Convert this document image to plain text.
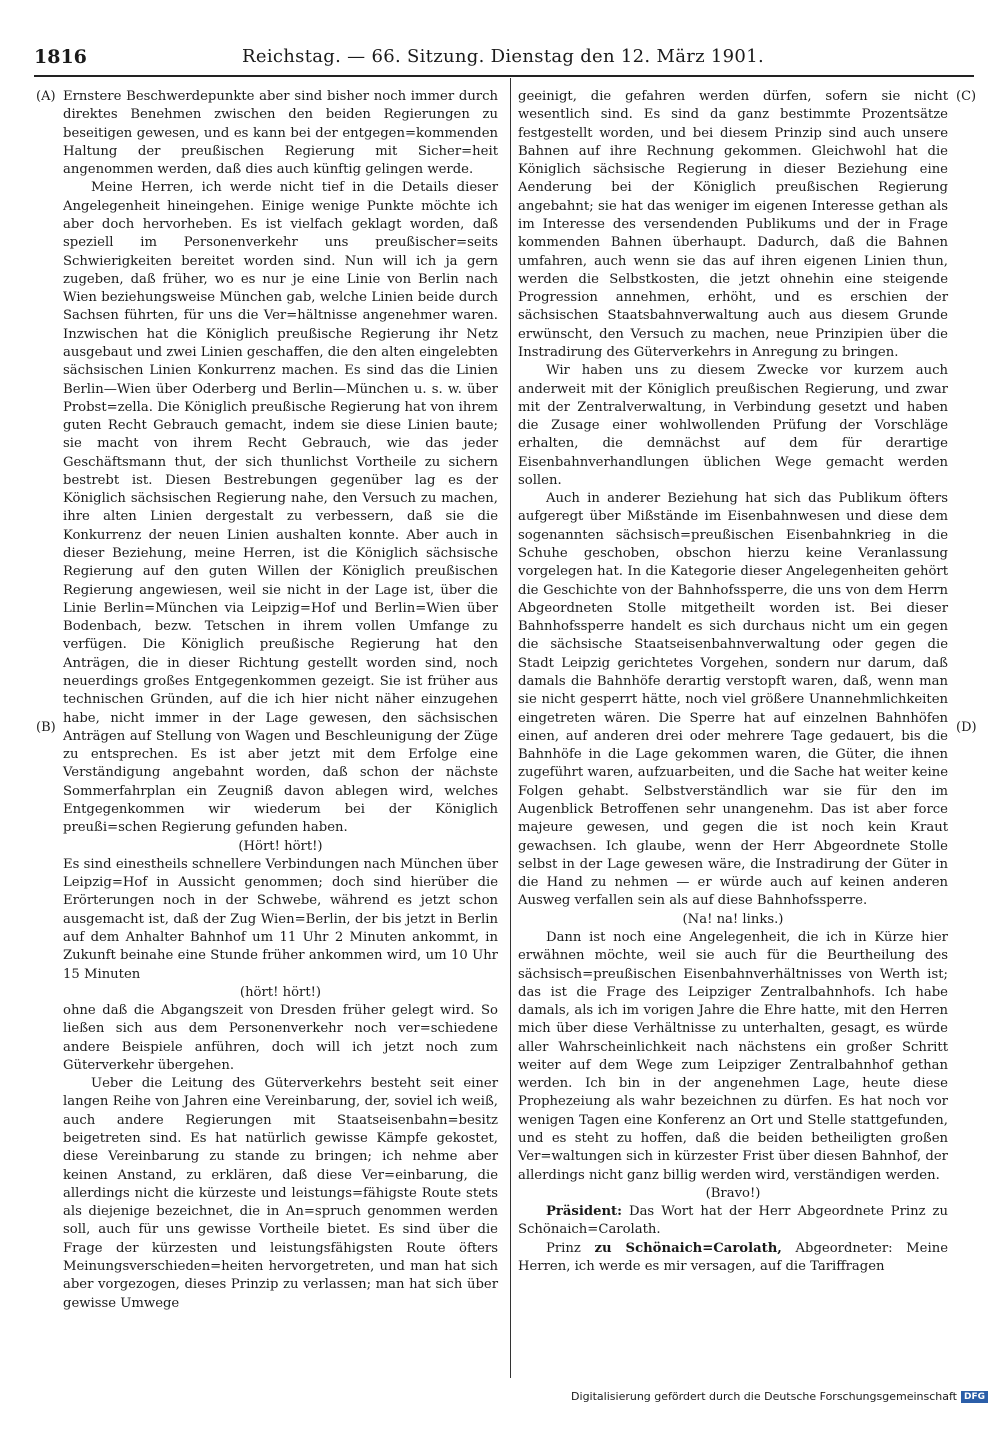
1816	Reichstag. — 66. Sitzung. Dienstag den 12. März 1901.
(A)
(B)
(C)
(D)

Ernstere Beschwerdepunkte aber sind bisher noch immer durch direktes Benehmen zwischen den beiden Regierungen zu beseitigen gewesen, und es kann bei der entgegen=kommenden Haltung der preußischen Regierung mit Sicher=heit angenommen werden, daß dies auch künftig gelingen werde.

Meine Herren, ich werde nicht tief in die Details dieser Angelegenheit hineingehen. Einige wenige Punkte möchte ich aber doch hervorheben. Es ist vielfach geklagt worden, daß speziell im Personenverkehr uns preußischer=seits Schwierigkeiten bereitet worden sind. Nun will ich ja gern zugeben, daß früher, wo es nur je eine Linie von Berlin nach Wien beziehungsweise München gab, welche Linien beide durch Sachsen führten, für uns die Ver=hältnisse angenehmer waren. Inzwischen hat die Königlich preußische Regierung ihr Netz ausgebaut und zwei Linien geschaffen, die den alten eingelebten sächsischen Linien Konkurrenz machen. Es sind das die Linien Berlin—Wien über Oderberg und Berlin—München u. s. w. über Probst=zella. Die Königlich preußische Regierung hat von ihrem guten Recht Gebrauch gemacht, indem sie diese Linien baute; sie macht von ihrem Recht Gebrauch, wie das jeder Geschäftsmann thut, der sich thunlichst Vortheile zu sichern bestrebt ist. Diesen Bestrebungen gegenüber lag es der Königlich sächsischen Regierung nahe, den Versuch zu machen, ihre alten Linien dergestalt zu verbessern, daß sie die Konkurrenz der neuen Linien aushalten konnte. Aber auch in dieser Beziehung, meine Herren, ist die Königlich sächsische Regierung auf den guten Willen der Königlich preußischen Regierung angewiesen, weil sie nicht in der Lage ist, über die Linie Berlin=München via Leipzig=Hof und Berlin=Wien über Bodenbach, bezw. Tetschen in ihrem vollen Umfange zu verfügen. Die Königlich preußische Regierung hat den Anträgen, die in dieser Richtung gestellt worden sind, noch neuerdings großes Entgegenkommen gezeigt. Sie ist früher aus technischen Gründen, auf die ich hier nicht näher einzugehen habe, nicht immer in der Lage gewesen, den sächsischen Anträgen auf Stellung von Wagen und Beschleunigung der Züge zu entsprechen. Es ist aber jetzt mit dem Erfolge eine Verständigung angebahnt worden, daß schon der nächste Sommerfahrplan ein Zeugniß davon ablegen wird, welches Entgegenkommen wir wiederum bei der Königlich preußi=schen Regierung gefunden haben.

(Hört! hört!)

Es sind einestheils schnellere Verbindungen nach München über Leipzig=Hof in Aussicht genommen; doch sind hierüber die Erörterungen noch in der Schwebe, während es jetzt schon ausgemacht ist, daß der Zug Wien=Berlin, der bis jetzt in Berlin auf dem Anhalter Bahnhof um 11 Uhr 2 Minuten ankommt, in Zukunft beinahe eine Stunde früher ankommen wird, um 10 Uhr 15 Minuten

(hört! hört!)

ohne daß die Abgangszeit von Dresden früher gelegt wird. So ließen sich aus dem Personenverkehr noch ver=schiedene andere Beispiele anführen, doch will ich jetzt noch zum Güterverkehr übergehen.

Ueber die Leitung des Güterverkehrs besteht seit einer langen Reihe von Jahren eine Vereinbarung, der, soviel ich weiß, auch andere Regierungen mit Staatseisenbahn=besitz beigetreten sind. Es hat natürlich gewisse Kämpfe gekostet, diese Vereinbarung zu stande zu bringen; ich nehme aber keinen Anstand, zu erklären, daß diese Ver=einbarung, die allerdings nicht die kürzeste und leistungs=fähigste Route stets als diejenige bezeichnet, die in An=spruch genommen werden soll, auch für uns gewisse Vortheile bietet. Es sind über die Frage der kürzesten und leistungsfähigsten Route öfters Meinungsverschieden=heiten hervorgetreten, und man hat sich aber vorgezogen, dieses Prinzip zu verlassen; man hat sich über gewisse Umwege

geeinigt, die gefahren werden dürfen, sofern sie nicht wesentlich sind. Es sind da ganz bestimmte Prozentsätze festgestellt worden, und bei diesem Prinzip sind auch unsere Bahnen auf ihre Rechnung gekommen. Gleichwohl hat die Königlich sächsische Regierung in dieser Beziehung eine Aenderung bei der Königlich preußischen Regierung angebahnt; sie hat das weniger im eigenen Interesse gethan als im Interesse des versendenden Publikums und der in Frage kommenden Bahnen überhaupt. Dadurch, daß die Bahnen umfahren, auch wenn sie das auf ihren eigenen Linien thun, werden die Selbstkosten, die jetzt ohnehin eine steigende Progression annehmen, erhöht, und es erschien der sächsischen Staatsbahnverwaltung auch aus diesem Grunde erwünscht, den Versuch zu machen, neue Prinzipien über die Instradirung des Güterverkehrs in Anregung zu bringen.

Wir haben uns zu diesem Zwecke vor kurzem auch anderweit mit der Königlich preußischen Regierung, und zwar mit der Zentralverwaltung, in Verbindung gesetzt und haben die Zusage einer wohlwollenden Prüfung der Vorschläge erhalten, die demnächst auf dem für derartige Eisenbahnverhandlungen üblichen Wege gemacht werden sollen.

Auch in anderer Beziehung hat sich das Publikum öfters aufgeregt über Mißstände im Eisenbahnwesen und diese dem sogenannten sächsisch=preußischen Eisenbahnkrieg in die Schuhe geschoben, obschon hierzu keine Veranlassung vorgelegen hat. In die Kategorie dieser Angelegenheiten gehört die Geschichte von der Bahnhofssperre, die uns von dem Herrn Abgeordneten Stolle mitgetheilt worden ist. Bei dieser Bahnhofssperre handelt es sich durchaus nicht um ein gegen die sächsische Staatseisenbahnverwaltung oder gegen die Stadt Leipzig gerichtetes Vorgehen, sondern nur darum, daß damals die Bahnhöfe derartig verstopft waren, daß, wenn man sie nicht gesperrt hätte, noch viel größere Unannehmlichkeiten eingetreten wären. Die Sperre hat auf einzelnen Bahnhöfen einen, auf anderen drei oder mehrere Tage gedauert, bis die Bahnhöfe in die Lage gekommen waren, die Güter, die ihnen zugeführt waren, aufzuarbeiten, und die Sache hat weiter keine Folgen gehabt. Selbstverständlich war sie für den im Augenblick Betroffenen sehr unangenehm. Das ist aber force majeure gewesen, und gegen die ist noch kein Kraut gewachsen. Ich glaube, wenn der Herr Abgeordnete Stolle selbst in der Lage gewesen wäre, die Instradirung der Güter in die Hand zu nehmen — er würde auch auf keinen anderen Ausweg verfallen sein als auf diese Bahnhofssperre.

(Na! na! links.)

Dann ist noch eine Angelegenheit, die ich in Kürze hier erwähnen möchte, weil sie auch für die Beurtheilung des sächsisch=preußischen Eisenbahnverhältnisses von Werth ist; das ist die Frage des Leipziger Zentralbahnhofs. Ich habe damals, als ich im vorigen Jahre die Ehre hatte, mit den Herren mich über diese Verhältnisse zu unterhalten, gesagt, es würde aller Wahrscheinlichkeit nach nächstens ein großer Schritt weiter auf dem Wege zum Leipziger Zentralbahnhof gethan werden. Ich bin in der angenehmen Lage, heute diese Prophezeiung als wahr bezeichnen zu dürfen. Es hat noch vor wenigen Tagen eine Konferenz an Ort und Stelle stattgefunden, und es steht zu hoffen, daß die beiden betheiligten großen Ver=waltungen sich in kürzester Frist über diesen Bahnhof, der allerdings nicht ganz billig werden wird, verständigen werden.

(Bravo!)

Präsident: Das Wort hat der Herr Abgeordnete Prinz zu Schönaich=Carolath.

Prinz zu Schönaich=Carolath, Abgeordneter: Meine Herren, ich werde es mir versagen, auf die Tariffragen

Digitalisierung gefördert durch die Deutsche Forschungsgemeinschaft DFG
